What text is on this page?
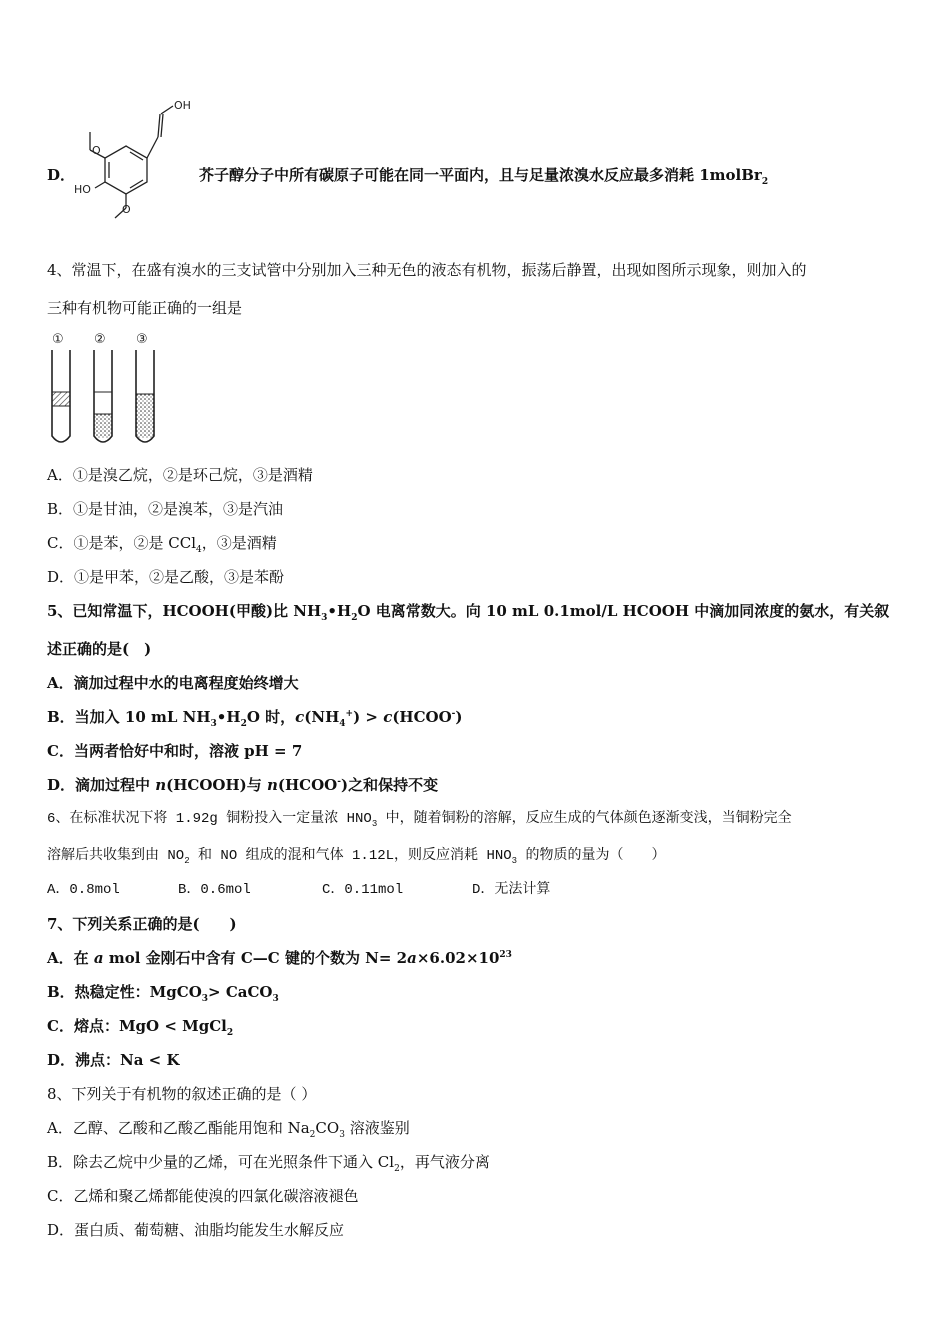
D．
O
O
OH
HO
芥子醇分子中所有碳原子可能在同一平面内，且与足量浓溴水反应最多消耗 1molBr$_2$
4、常温下，在盛有溴水的三支试管中分别加入三种无色的液态有机物，振荡后静置，出现如图所示现象，则加入的
三种有机物可能正确的一组是
① ② ③
A．①是溴乙烷，②是环己烷，③是酒精
B．①是甘油，②是溴苯，③是汽油
C．①是苯，②是 CCl$_4$，③是酒精
D．①是甲苯，②是乙酸，③是苯酚
5、已知常温下，HCOOH(甲酸)比 $NH_3•H_2O$ 电离常数大。向 10 mL 0.1mol/L HCOOH 中滴加同浓度的氨水，有关叙
述正确的是(　)
A．滴加过程中水的电离程度始终增大
B．当加入 10 mL $NH_3•H_2O$ 时，$c(NH_4^+)$ > c(HCOO-)
C．当两者恰好中和时，溶液 pH = 7
D．滴加过程中 n(HCOOH)与 n(HCOO-)之和保持不变
6、在标准状况下将 1.92g 铜粉投入一定量浓 $HNO_3$ 中，随着铜粉的溶解，反应生成的气体颜色逐渐变浅，当铜粉完全
溶解后共收集到由 $NO_2$ 和 NO 组成的混和气体 1.12L，则反应消耗 $HNO_3$ 的物质的量为（　　）
A．0.8mol	B．0.6mol	C．0.11mol	D．无法计算
7、下列关系正确的是(　　)
A．在 a mol 金刚石中含有 C—C 键的个数为 $N= 2a\times 6.02\times 10^{23}$
B．热稳定性：MgCO$_3$> CaCO$_3$
C．熔点：MgO < MgCl$_2$
D．沸点：Na < K
8、下列关于有机物的叙述正确的是（ ）
A．乙醇、乙酸和乙酸乙酯能用饱和 $Na_2CO_3$ 溶液鉴别
B．除去乙烷中少量的乙烯，可在光照条件下通入 $Cl_2$，再气液分离
C．乙烯和聚乙烯都能使溴的四氯化碳溶液褪色
D．蛋白质、葡萄糖、油脂均能发生水解反应
